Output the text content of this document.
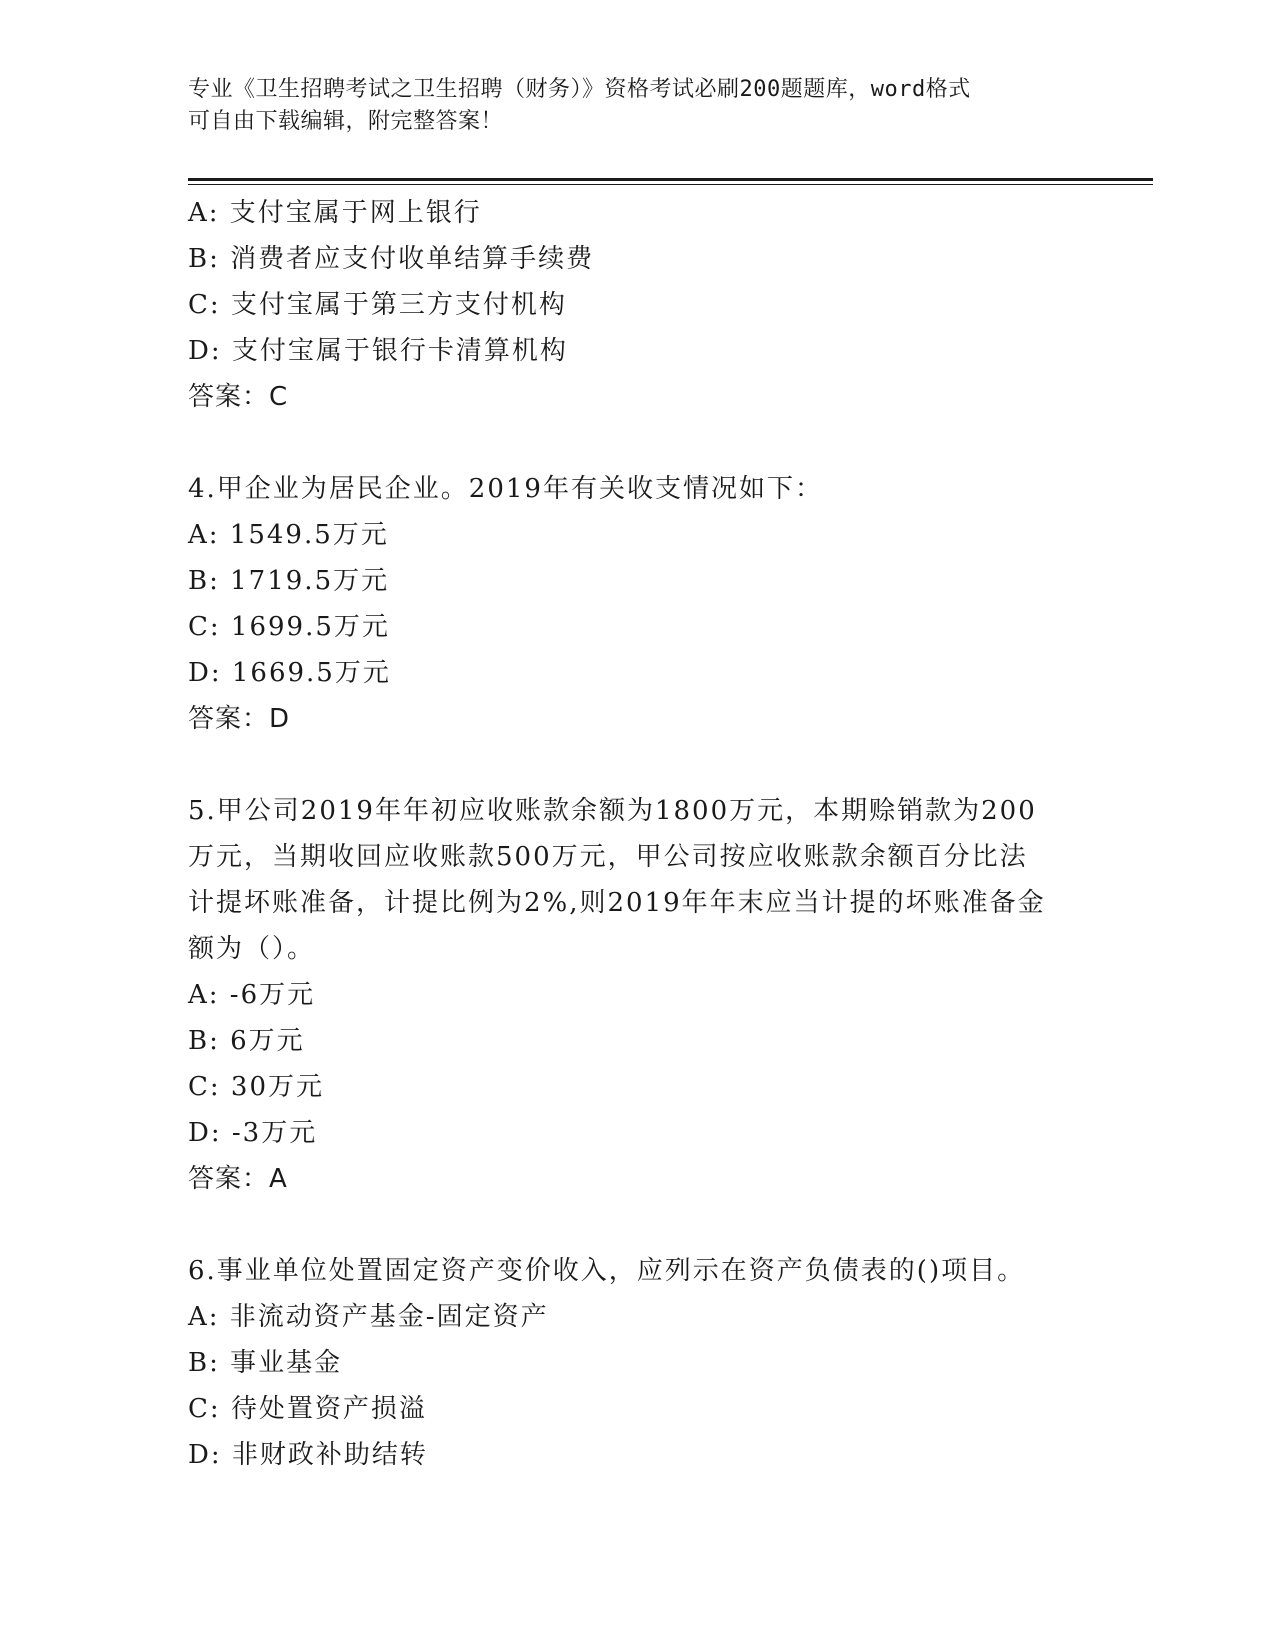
专业《卫生招聘考试之卫生招聘（财务）》资格考试必刷200题题库，word格式
可自由下载编辑，附完整答案！
A: 支付宝属于网上银行
B: 消费者应支付收单结算手续费
C: 支付宝属于第三方支付机构
D: 支付宝属于银行卡清算机构
答案：C
4.甲企业为居民企业。2019年有关收支情况如下：
A: 1549.5万元
B: 1719.5万元
C: 1699.5万元
D: 1669.5万元
答案：D
5.甲公司2019年年初应收账款余额为1800万元，本期赊销款为200
万元，当期收回应收账款500万元，甲公司按应收账款余额百分比法
计提坏账准备，计提比例为2%,则2019年年末应当计提的坏账准备金
额为（）。
A: -6万元
B: 6万元
C: 30万元
D: -3万元
答案：A
6.事业单位处置固定资产变价收入，应列示在资产负债表的()项目。
A: 非流动资产基金-固定资产
B: 事业基金
C: 待处置资产损溢
D: 非财政补助结转
